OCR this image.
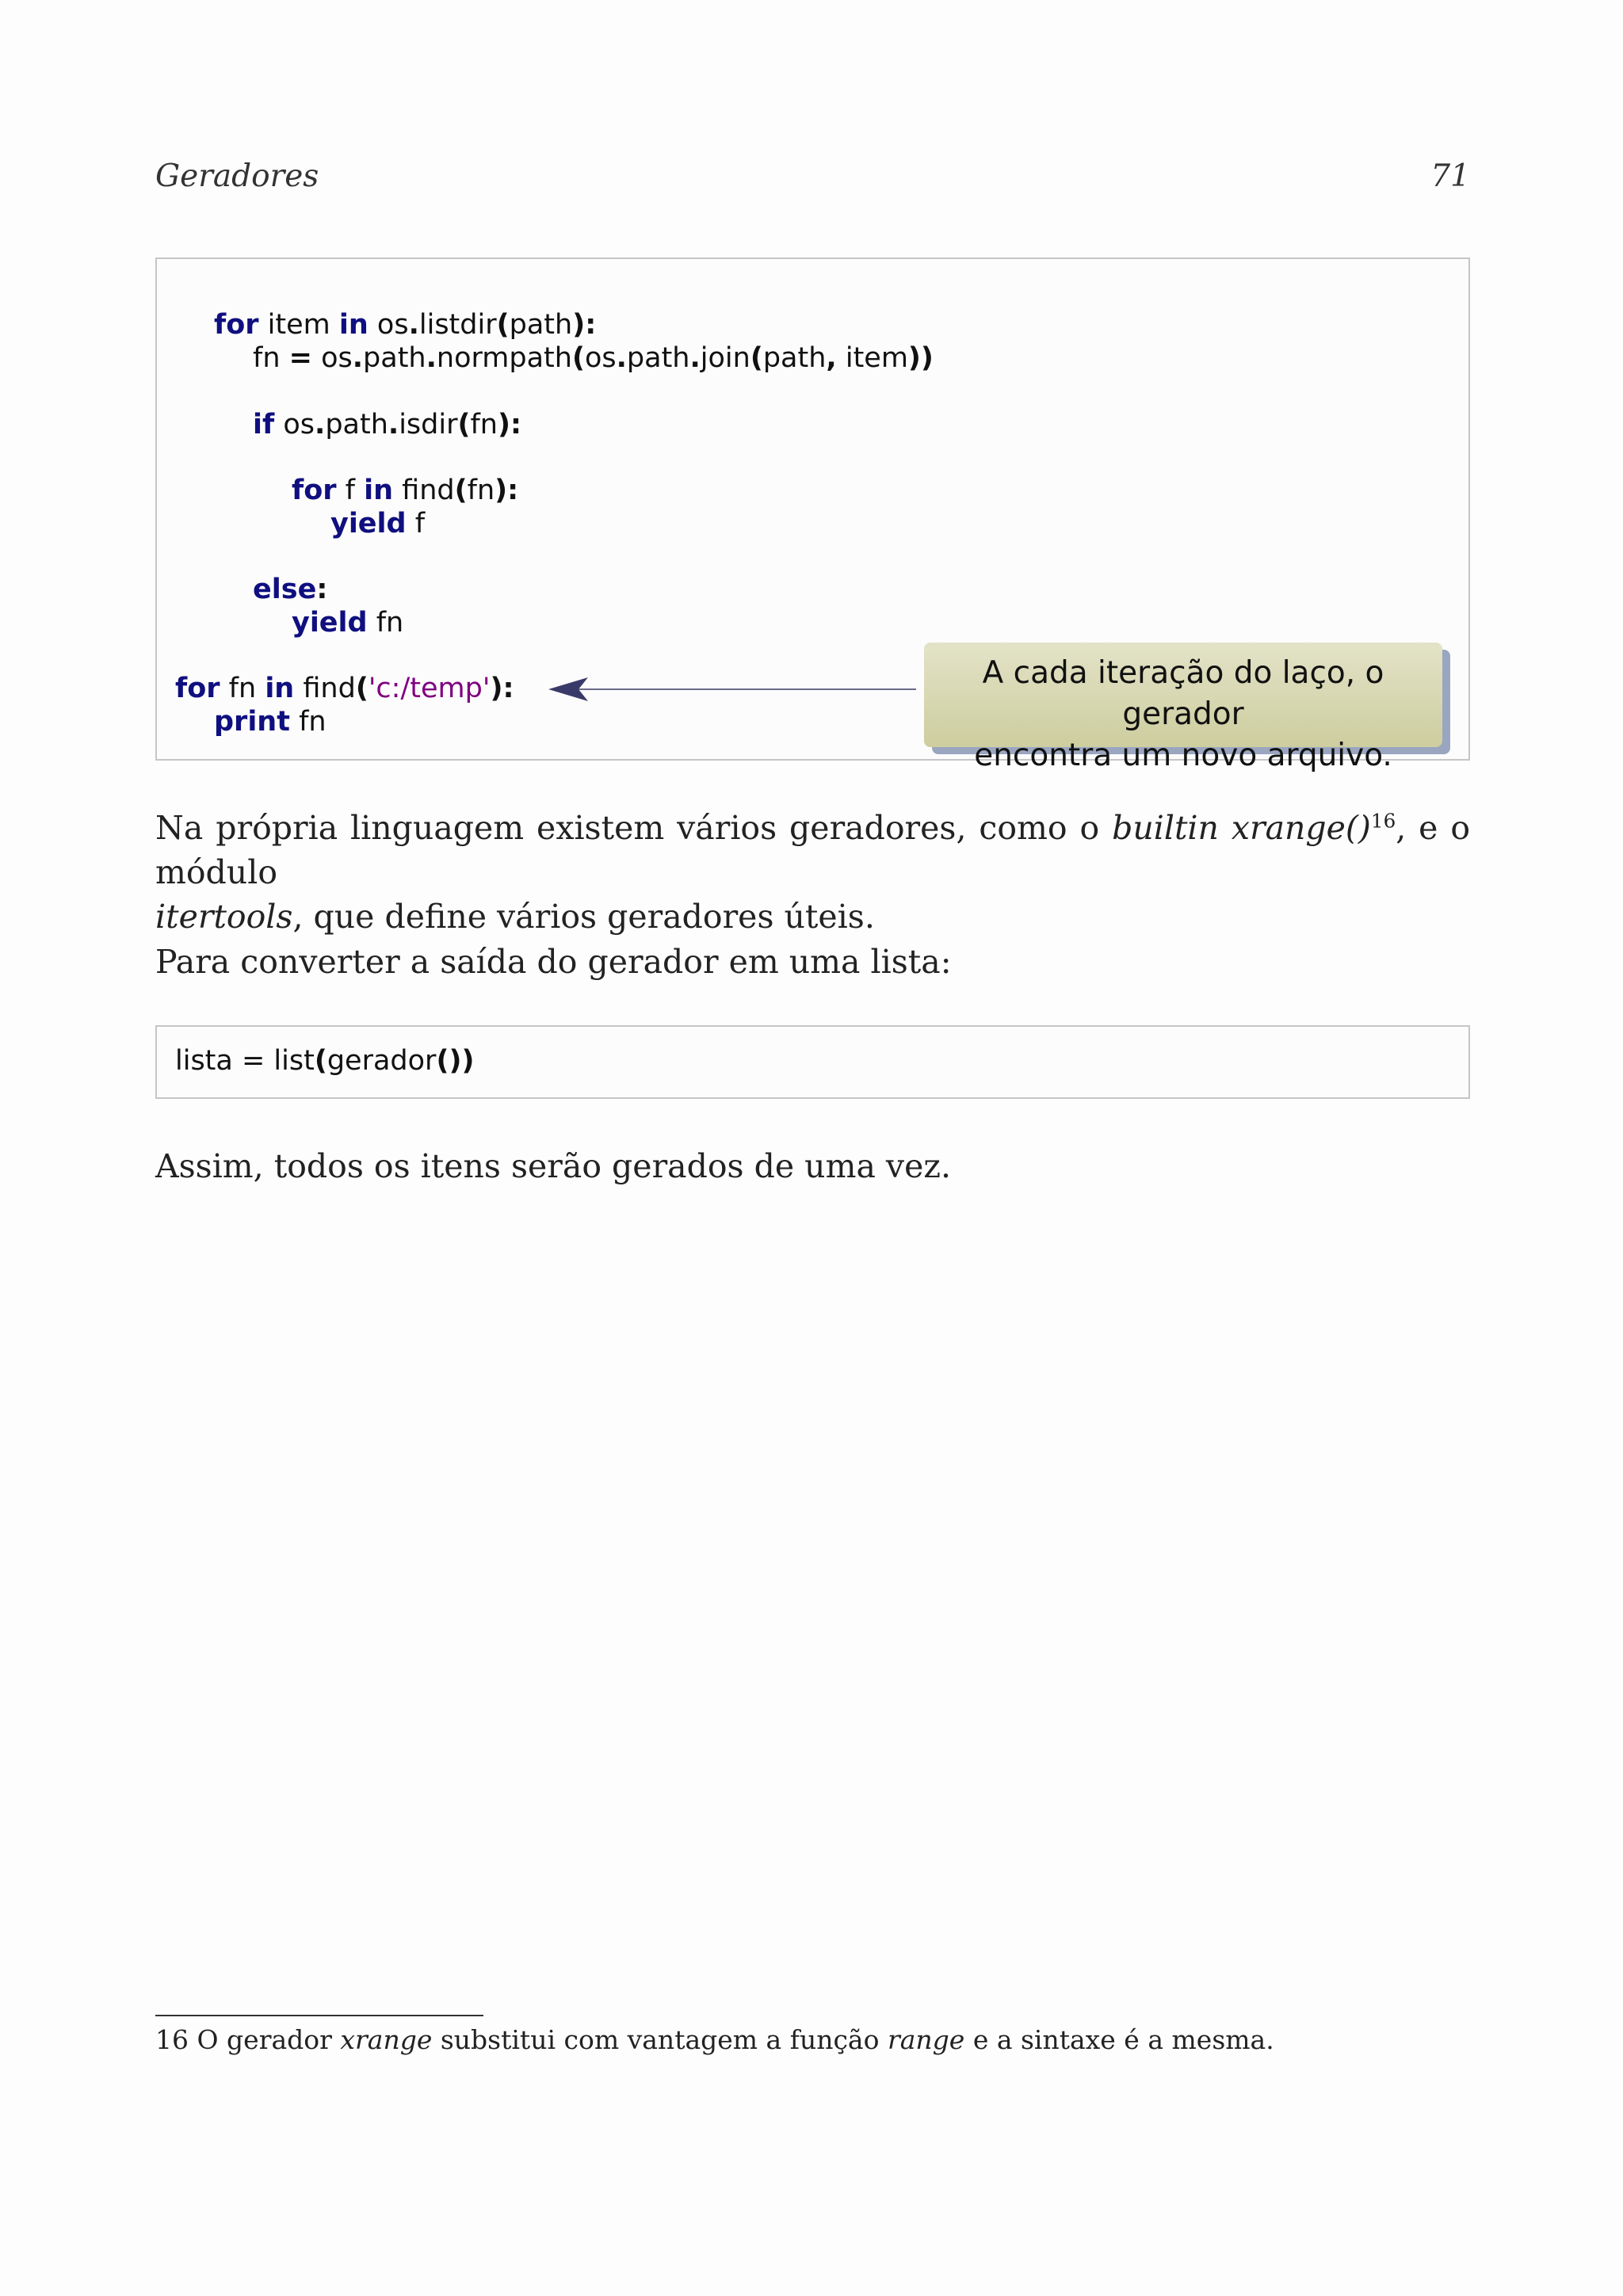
Geradores	71
for item in os.listdir(path):
fn = os.path.normpath(os.path.join(path, item))
if os.path.isdir(fn):
for f in find(fn):
yield f
else:
yield fn
for fn in find('c:/temp'):
print fn
A cada iteração do laço, o gerador
encontra um novo arquivo.
Na própria linguagem existem vários geradores, como o builtin xrange()$^{16}$, e o módulo
itertools, que define vários geradores úteis.
Para converter a saída do gerador em uma lista:
lista = list(gerador())
Assim, todos os itens serão gerados de uma vez.
16 O gerador xrange substitui com vantagem a função range e a sintaxe é a mesma.
